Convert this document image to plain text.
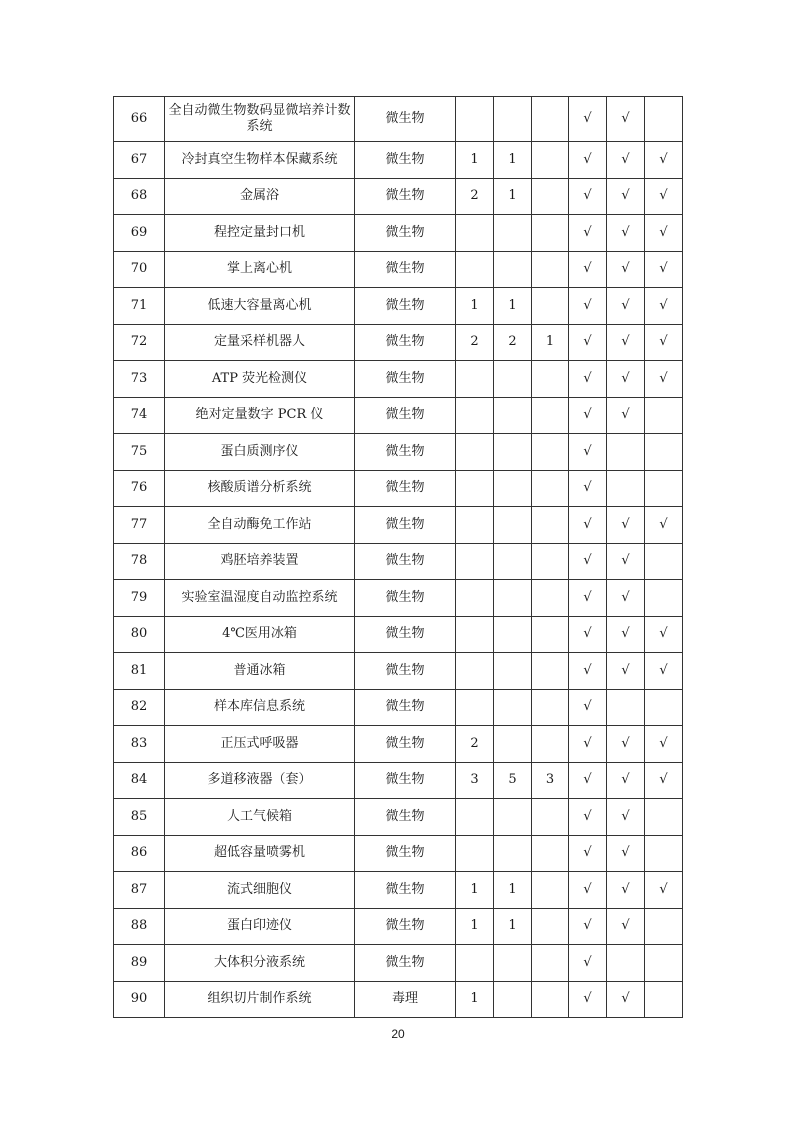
66	全自动微生物数码显微培养计数系统	微生物				√	√	
67	冷封真空生物样本保藏系统	微生物	1	1		√	√	√
68	金属浴	微生物	2	1		√	√	√
69	程控定量封口机	微生物				√	√	√
70	掌上离心机	微生物				√	√	√
71	低速大容量离心机	微生物	1	1		√	√	√
72	定量采样机器人	微生物	2	2	1	√	√	√
73	ATP 荧光检测仪	微生物				√	√	√
74	绝对定量数字 PCR 仪	微生物				√	√	
75	蛋白质测序仪	微生物				√		
76	核酸质谱分析系统	微生物				√		
77	全自动酶免工作站	微生物				√	√	√
78	鸡胚培养装置	微生物				√	√	
79	实验室温湿度自动监控系统	微生物				√	√	
80	4℃医用冰箱	微生物				√	√	√
81	普通冰箱	微生物				√	√	√
82	样本库信息系统	微生物				√		
83	正压式呼吸器	微生物	2			√	√	√
84	多道移液器（套）	微生物	3	5	3	√	√	√
85	人工气候箱	微生物				√	√	
86	超低容量喷雾机	微生物				√	√	
87	流式细胞仪	微生物	1	1		√	√	√
88	蛋白印迹仪	微生物	1	1		√	√	
89	大体积分液系统	微生物				√		
90	组织切片制作系统	毒理	1			√	√	
20
